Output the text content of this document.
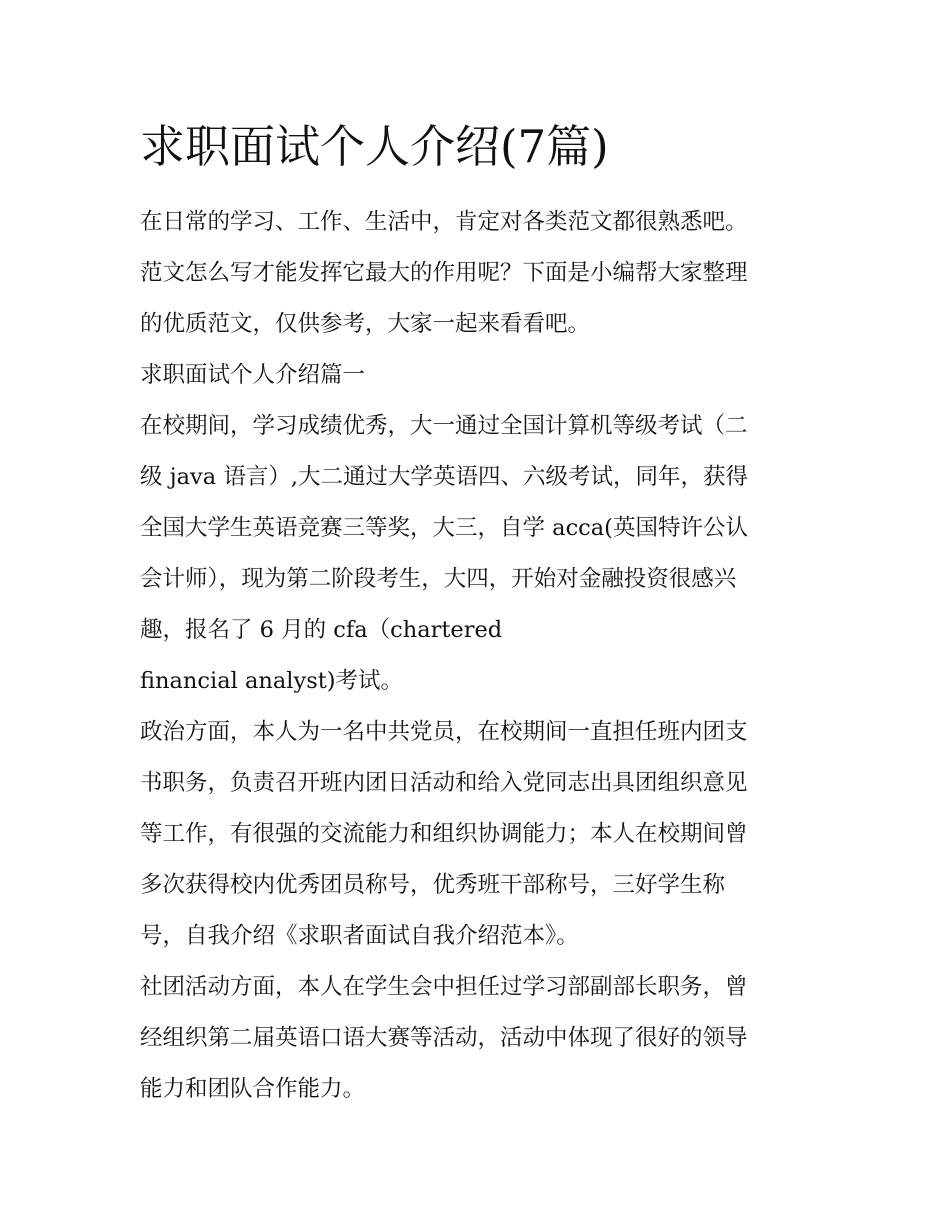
求职面试个人介绍(7篇)

在日常的学习、工作、生活中，肯定对各类范文都很熟悉吧。

范文怎么写才能发挥它最大的作用呢？下面是小编帮大家整理

的优质范文，仅供参考，大家一起来看看吧。

求职面试个人介绍篇一

在校期间，学习成绩优秀，大一通过全国计算机等级考试（二

级 java 语言）,大二通过大学英语四、六级考试，同年，获得

全国大学生英语竞赛三等奖，大三，自学 acca(英国特许公认

会计师），现为第二阶段考生，大四，开始对金融投资很感兴

趣，报名了 6 月的 cfa（chartered

financial analyst)考试。

政治方面，本人为一名中共党员，在校期间一直担任班内团支

书职务，负责召开班内团日活动和给入党同志出具团组织意见

等工作，有很强的交流能力和组织协调能力；本人在校期间曾

多次获得校内优秀团员称号，优秀班干部称号，三好学生称

号，自我介绍《求职者面试自我介绍范本》。

社团活动方面，本人在学生会中担任过学习部副部长职务，曾

经组织第二届英语口语大赛等活动，活动中体现了很好的领导

能力和团队合作能力。
